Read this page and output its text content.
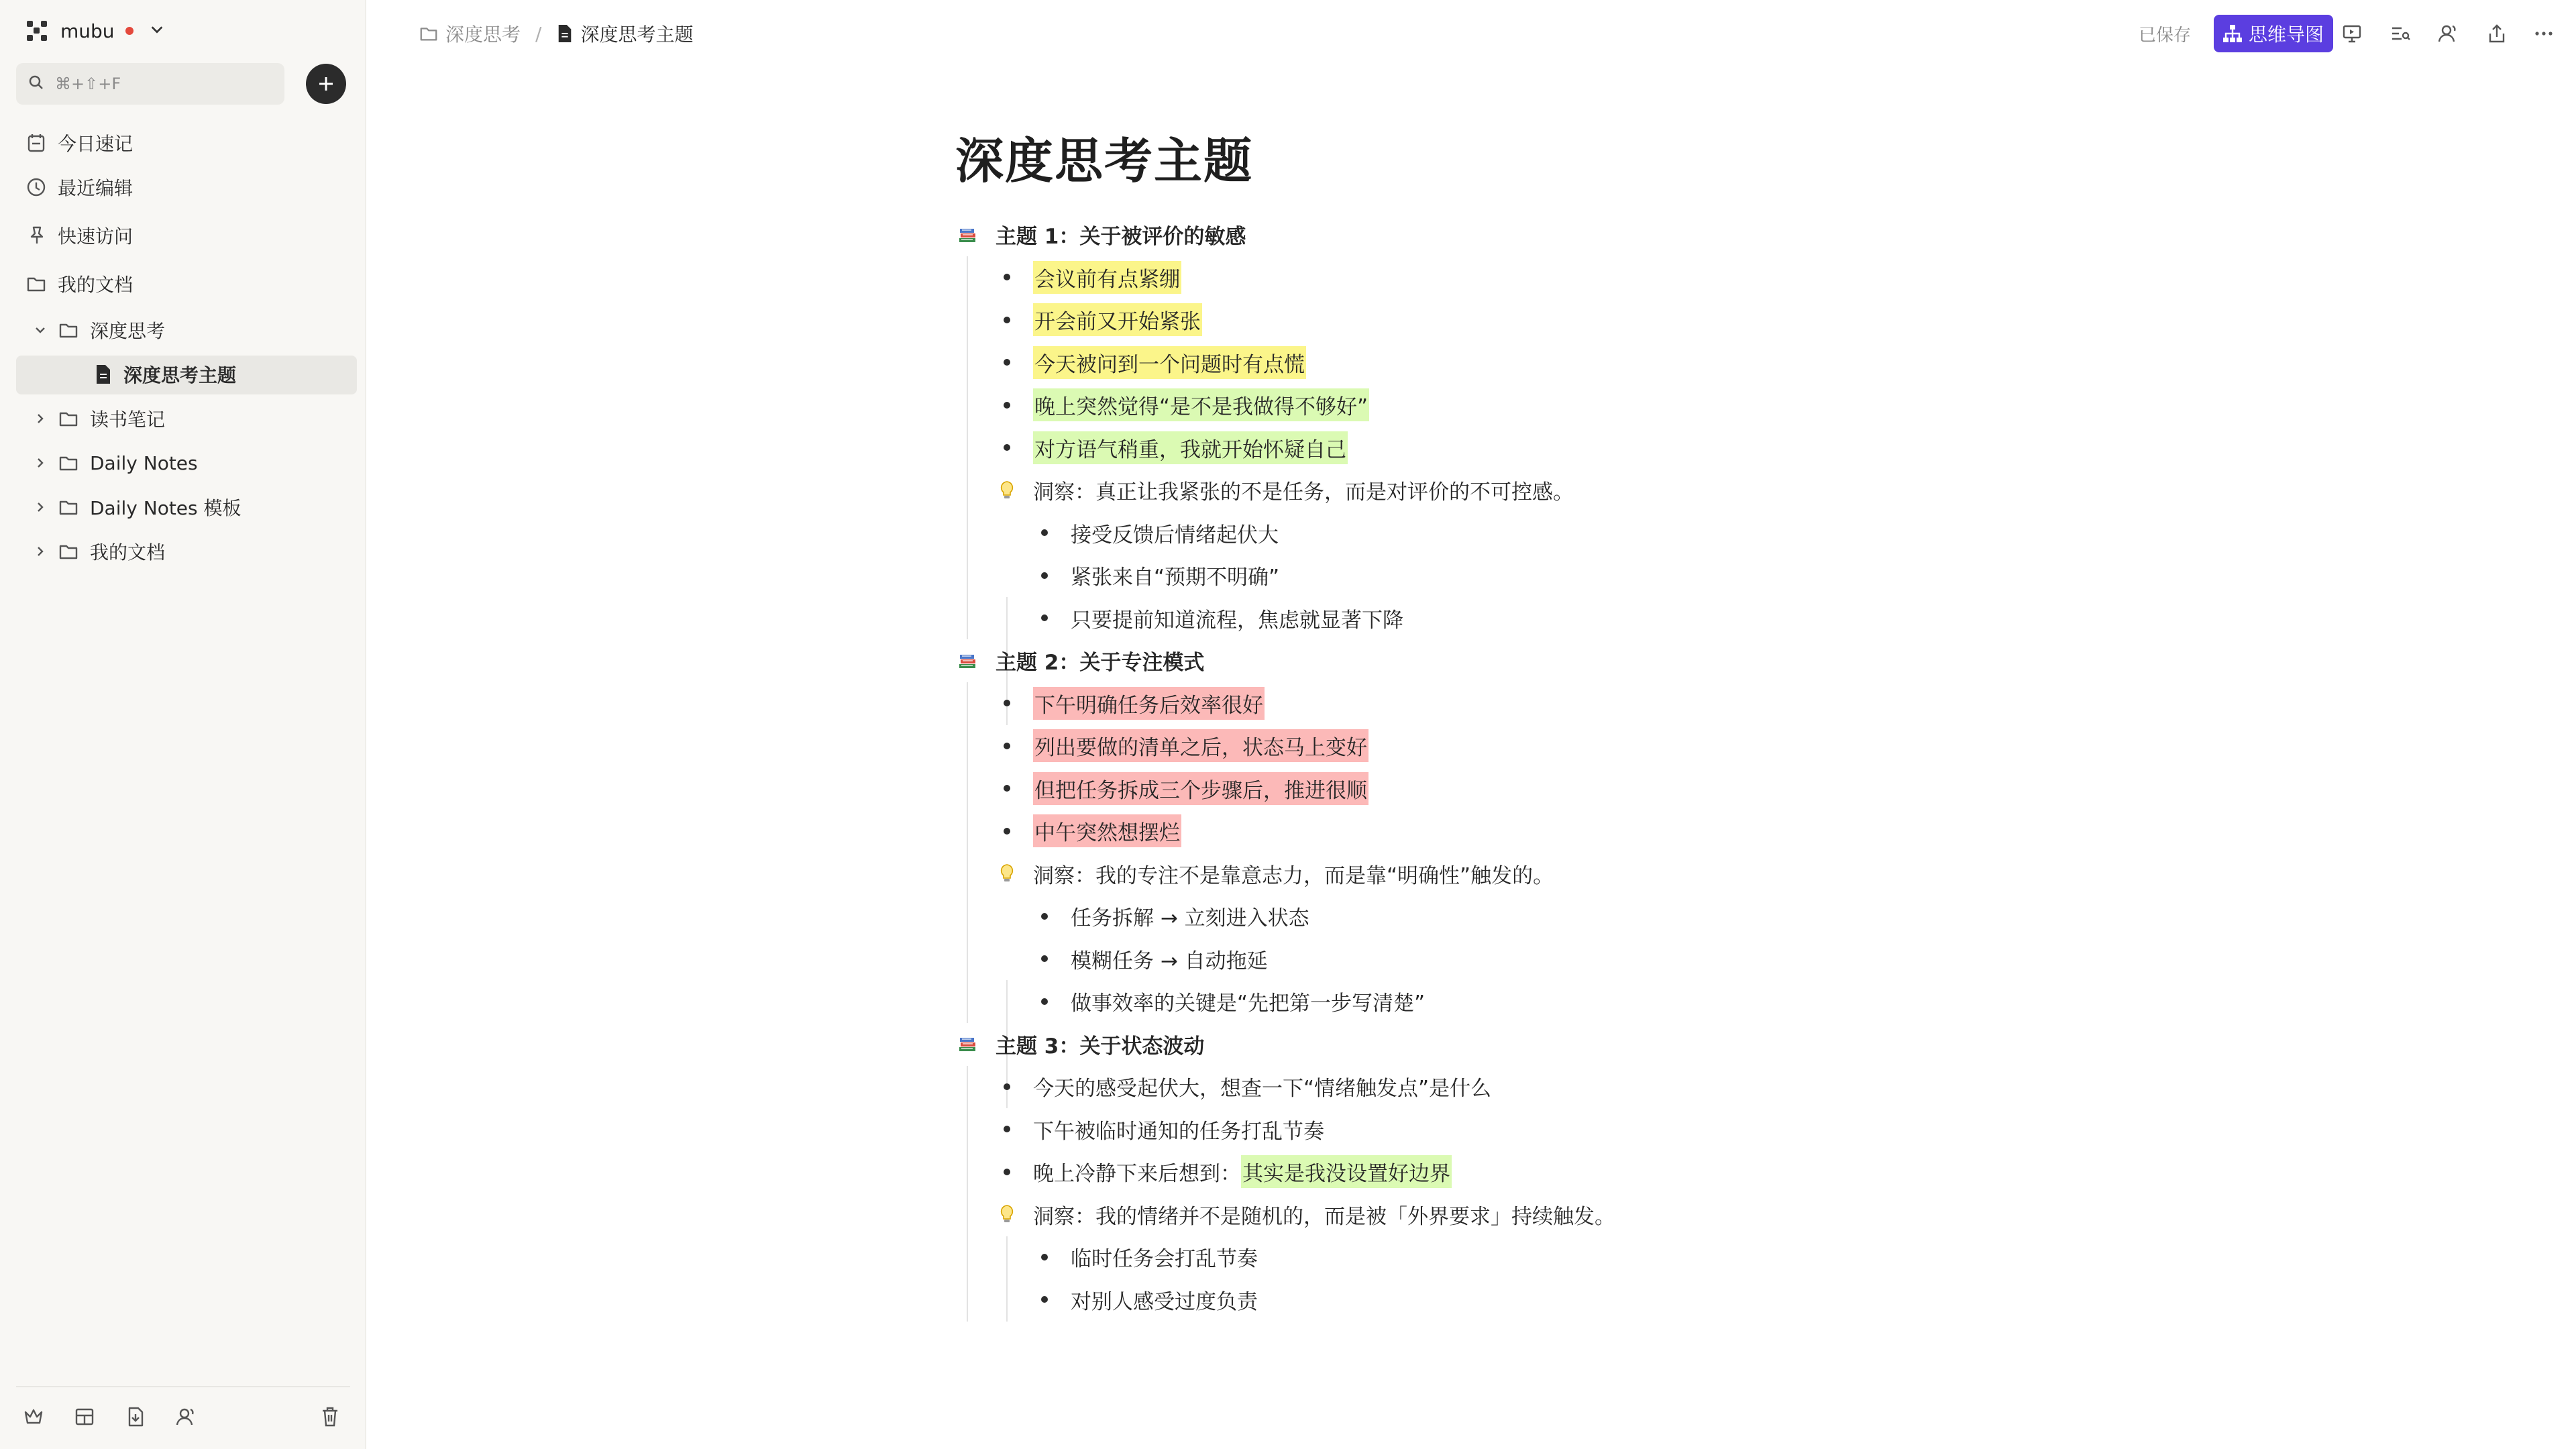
mubu
⌘+⇧+F
今日速记
最近编辑
快速访问
我的文档
深度思考
深度思考主题
读书笔记
Daily Notes
Daily Notes 模板
我的文档
深度思考 / 深度思考主题	已保存	思维导图
深度思考主题
主题 1：关于被评价的敏感
会议前有点紧绷
开会前又开始紧张
今天被问到一个问题时有点慌
晚上突然觉得“是不是我做得不够好”
对方语气稍重，我就开始怀疑自己
洞察：真正让我紧张的不是任务，而是对评价的不可控感。
接受反馈后情绪起伏大
紧张来自“预期不明确”
只要提前知道流程，焦虑就显著下降
主题 2：关于专注模式
下午明确任务后效率很好
列出要做的清单之后，状态马上变好
但把任务拆成三个步骤后，推进很顺
中午突然想摆烂
洞察：我的专注不是靠意志力，而是靠“明确性”触发的。
任务拆解 → 立刻进入状态
模糊任务 → 自动拖延
做事效率的关键是“先把第一步写清楚”
主题 3：关于状态波动
今天的感受起伏大，想查一下“情绪触发点”是什么
下午被临时通知的任务打乱节奏
晚上冷静下来后想到： 其实是我没设置好边界
洞察：我的情绪并不是随机的，而是被「外界要求」持续触发。
临时任务会打乱节奏
对别人感受过度负责
